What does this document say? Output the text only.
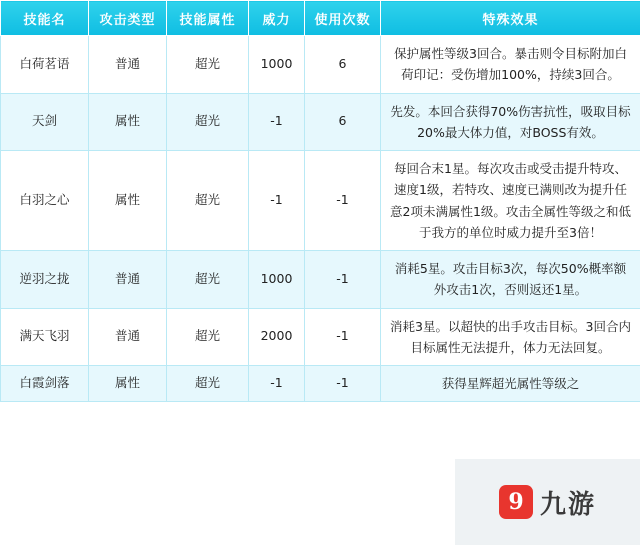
技能名	攻击类型	技能属性	威力	使用次数	特殊效果
白荷茗语	普通	超光	1000	6	保护属性等级3回合。暴击则令目标附加白荷印记：受伤增加100%，持续3回合。
天剑	属性	超光	-1	6	先发。本回合获得70%伤害抗性，吸取目标20%最大体力值，对BOSS有效。
白羽之心	属性	超光	-1	-1	每回合末1星。每次攻击或受击提升特攻、速度1级，若特攻、速度已满则改为提升任意2项未满属性1级。攻击全属性等级之和低于我方的单位时威力提升至3倍！
逆羽之拢	普通	超光	1000	-1	消耗5星。攻击目标3次，每次50%概率额外攻击1次，否则返还1星。
满天飞羽	普通	超光	2000	-1	消耗3星。以超快的出手攻击目标。3回合内目标属性无法提升，体力无法回复。
白霞剑落	属性	超光	-1	-1	获得星辉超光属性等级之
9 九游
